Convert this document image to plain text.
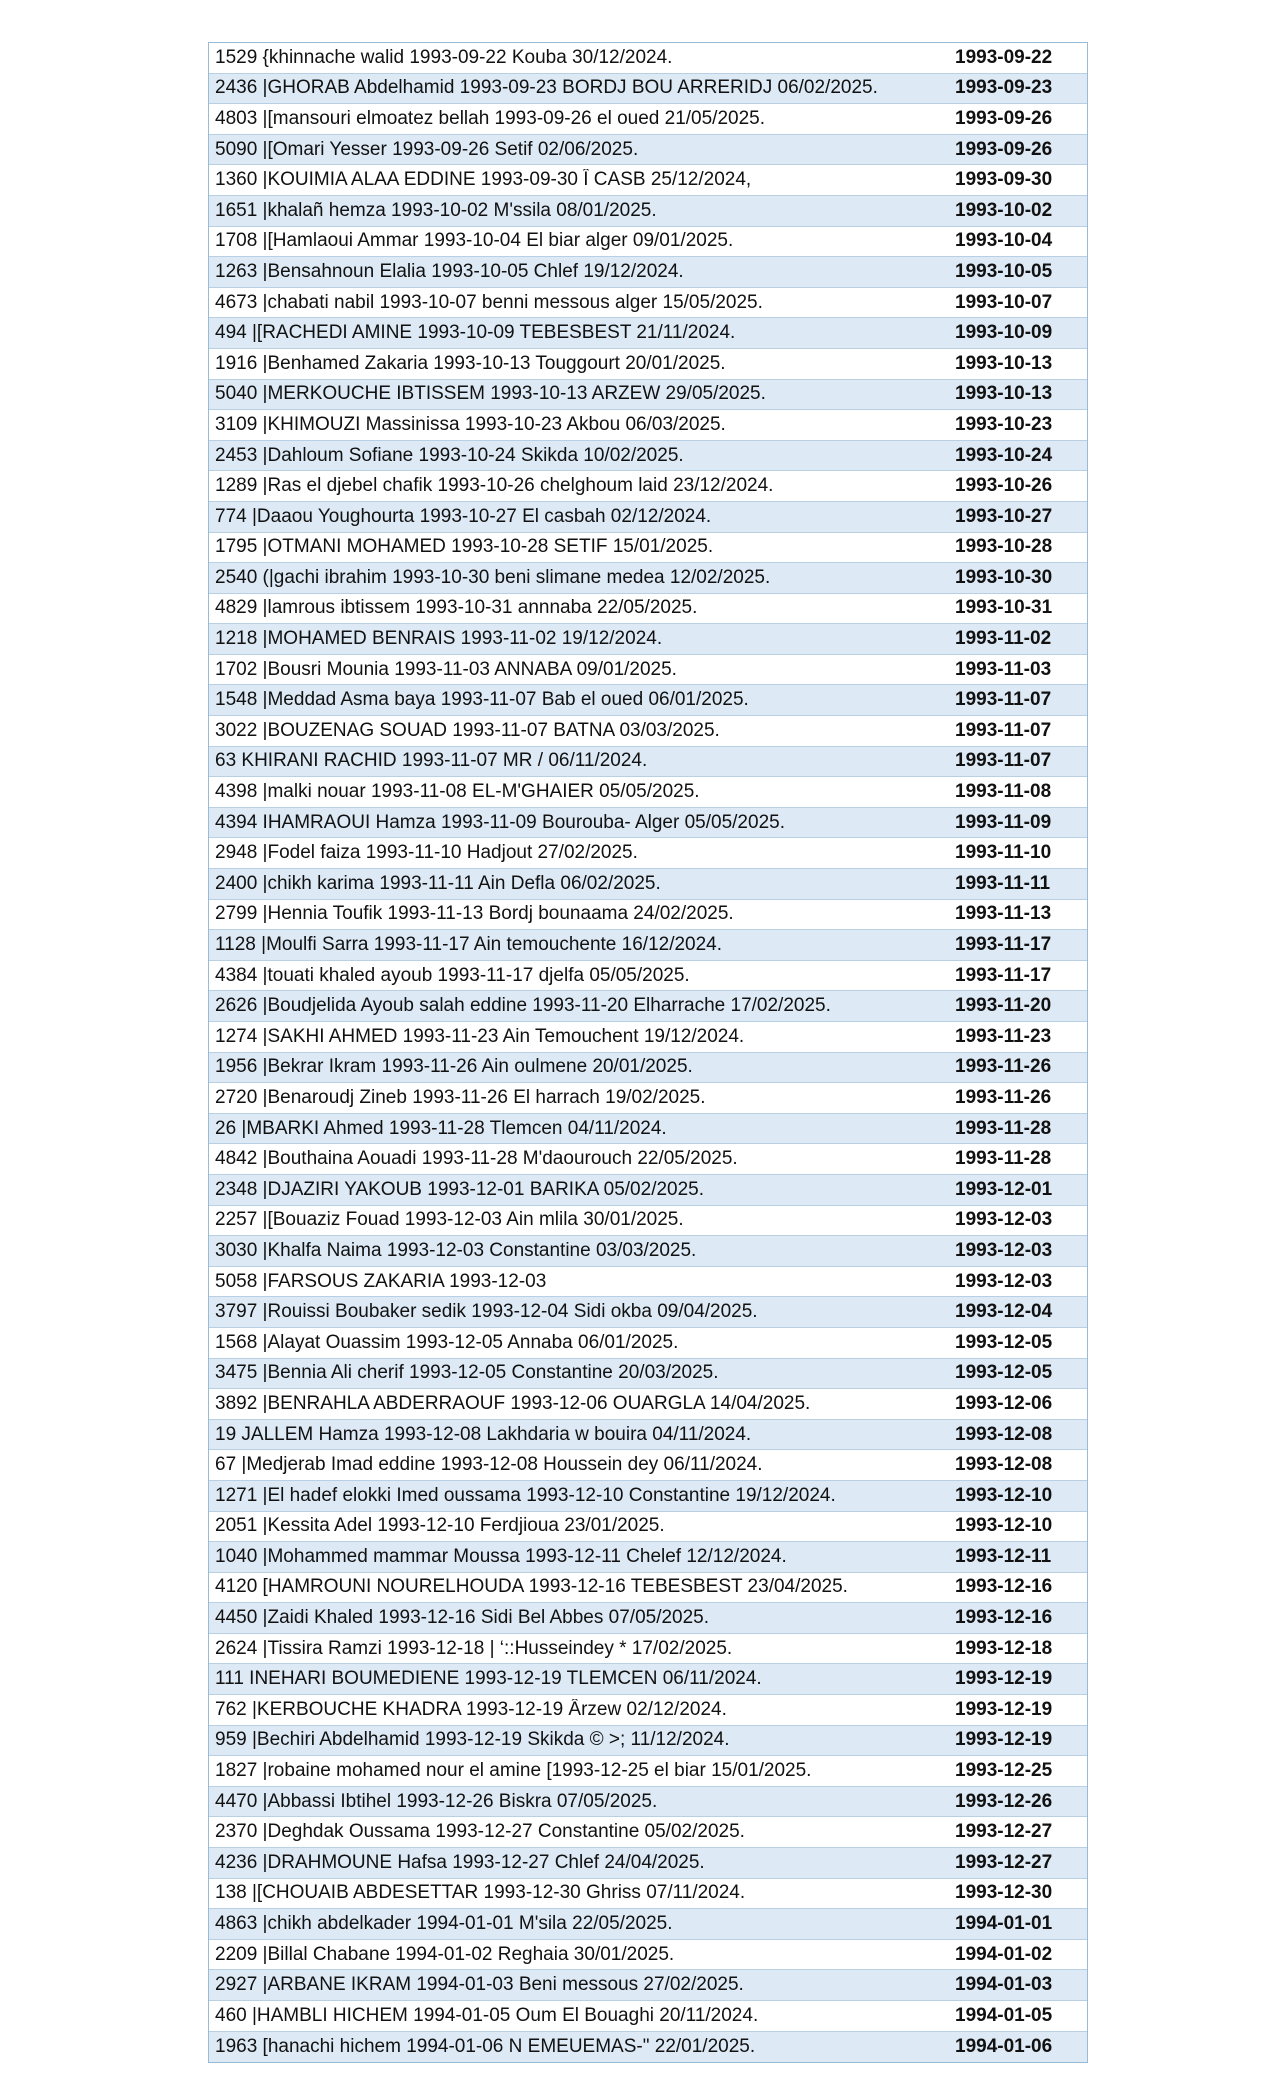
1529 {khinnache walid 1993-09-22 Kouba 30/12/2024.	1993-09-22
2436 |GHORAB Abdelhamid 1993-09-23 BORDJ BOU ARRERIDJ 06/02/2025.	1993-09-23
4803 |[mansouri elmoatez bellah 1993-09-26 el oued 21/05/2025.	1993-09-26
5090 |[Omari Yesser 1993-09-26 Setif 02/06/2025.	1993-09-26
1360 |KOUIMIA ALAA EDDINE 1993-09-30 Î CASB 25/12/2024,	1993-09-30
1651 |khalañ hemza 1993-10-02 M'ssila 08/01/2025.	1993-10-02
1708 |[Hamlaoui Ammar 1993-10-04 El biar alger 09/01/2025.	1993-10-04
1263 |Bensahnoun Elalia 1993-10-05 Chlef 19/12/2024.	1993-10-05
4673 |chabati nabil 1993-10-07 benni messous alger 15/05/2025.	1993-10-07
494 |[RACHEDI AMINE 1993-10-09 TEBESBEST 21/11/2024.	1993-10-09
1916 |Benhamed Zakaria 1993-10-13 Touggourt 20/01/2025.	1993-10-13
5040 |MERKOUCHE IBTISSEM 1993-10-13 ARZEW 29/05/2025.	1993-10-13
3109 |KHIMOUZI Massinissa 1993-10-23 Akbou 06/03/2025.	1993-10-23
2453 |Dahloum Sofiane 1993-10-24 Skikda 10/02/2025.	1993-10-24
1289 |Ras el djebel chafik 1993-10-26 chelghoum laid 23/12/2024.	1993-10-26
774 |Daaou Youghourta 1993-10-27 El casbah 02/12/2024.	1993-10-27
1795 |OTMANI MOHAMED 1993-10-28 SETIF 15/01/2025.	1993-10-28
2540 (|gachi ibrahim 1993-10-30 beni slimane medea 12/02/2025.	1993-10-30
4829 |lamrous ibtissem 1993-10-31 annnaba 22/05/2025.	1993-10-31
1218 |MOHAMED BENRAIS 1993-11-02 19/12/2024.	1993-11-02
1702 |Bousri Mounia 1993-11-03 ANNABA 09/01/2025.	1993-11-03
1548 |Meddad Asma baya 1993-11-07 Bab el oued 06/01/2025.	1993-11-07
3022 |BOUZENAG SOUAD 1993-11-07 BATNA 03/03/2025.	1993-11-07
63 KHIRANI RACHID 1993-11-07 MR / 06/11/2024.	1993-11-07
4398 |malki nouar 1993-11-08 EL-M'GHAIER 05/05/2025.	1993-11-08
4394 IHAMRAOUI Hamza 1993-11-09 Bourouba- Alger 05/05/2025.	1993-11-09
2948 |Fodel faiza 1993-11-10 Hadjout 27/02/2025.	1993-11-10
2400 |chikh karima 1993-11-11 Ain Defla 06/02/2025.	1993-11-11
2799 |Hennia Toufik 1993-11-13 Bordj bounaama 24/02/2025.	1993-11-13
1128 |Moulfi Sarra 1993-11-17 Ain temouchente 16/12/2024.	1993-11-17
4384 |touati khaled ayoub 1993-11-17 djelfa 05/05/2025.	1993-11-17
2626 |Boudjelida Ayoub salah eddine 1993-11-20 Elharrache 17/02/2025.	1993-11-20
1274 |SAKHI AHMED 1993-11-23 Ain Temouchent 19/12/2024.	1993-11-23
1956 |Bekrar Ikram 1993-11-26 Ain oulmene 20/01/2025.	1993-11-26
2720 |Benaroudj Zineb 1993-11-26 El harrach 19/02/2025.	1993-11-26
26 |MBARKI Ahmed 1993-11-28 Tlemcen 04/11/2024.	1993-11-28
4842 |Bouthaina Aouadi 1993-11-28 M'daourouch 22/05/2025.	1993-11-28
2348 |DJAZIRI YAKOUB 1993-12-01 BARIKA 05/02/2025.	1993-12-01
2257 |[Bouaziz Fouad 1993-12-03 Ain mlila 30/01/2025.	1993-12-03
3030 |Khalfa Naima 1993-12-03 Constantine 03/03/2025.	1993-12-03
5058 |FARSOUS ZAKARIA 1993-12-03	1993-12-03
3797 |Rouissi Boubaker sedik 1993-12-04 Sidi okba 09/04/2025.	1993-12-04
1568 |Alayat Ouassim 1993-12-05 Annaba 06/01/2025.	1993-12-05
3475 |Bennia Ali cherif 1993-12-05 Constantine 20/03/2025.	1993-12-05
3892 |BENRAHLA ABDERRAOUF 1993-12-06 OUARGLA 14/04/2025.	1993-12-06
19 JALLEM Hamza 1993-12-08 Lakhdaria w bouira 04/11/2024.	1993-12-08
67 |Medjerab Imad eddine 1993-12-08 Houssein dey 06/11/2024.	1993-12-08
1271 |El hadef elokki Imed oussama 1993-12-10 Constantine 19/12/2024.	1993-12-10
2051 |Kessita Adel 1993-12-10 Ferdjioua 23/01/2025.	1993-12-10
1040 |Mohammed mammar Moussa 1993-12-11 Chelef 12/12/2024.	1993-12-11
4120 [HAMROUNI NOURELHOUDA 1993-12-16 TEBESBEST 23/04/2025.	1993-12-16
4450 |Zaidi Khaled 1993-12-16 Sidi Bel Abbes 07/05/2025.	1993-12-16
2624 |Tissira Ramzi 1993-12-18 | ‘::Husseindey * 17/02/2025.	1993-12-18
111 INEHARI BOUMEDIENE 1993-12-19 TLEMCEN 06/11/2024.	1993-12-19
762 |KERBOUCHE KHADRA 1993-12-19 Ârzew 02/12/2024.	1993-12-19
959 |Bechiri Abdelhamid 1993-12-19 Skikda © >; 11/12/2024.	1993-12-19
1827 |robaine mohamed nour el amine [1993-12-25 el biar 15/01/2025.	1993-12-25
4470 |Abbassi Ibtihel 1993-12-26 Biskra 07/05/2025.	1993-12-26
2370 |Deghdak Oussama 1993-12-27 Constantine 05/02/2025.	1993-12-27
4236 |DRAHMOUNE Hafsa 1993-12-27 Chlef 24/04/2025.	1993-12-27
138 |[CHOUAIB ABDESETTAR 1993-12-30 Ghriss 07/11/2024.	1993-12-30
4863 |chikh abdelkader 1994-01-01 M'sila 22/05/2025.	1994-01-01
2209 |Billal Chabane 1994-01-02 Reghaia 30/01/2025.	1994-01-02
2927 |ARBANE IKRAM 1994-01-03 Beni messous 27/02/2025.	1994-01-03
460 |HAMBLI HICHEM 1994-01-05 Oum El Bouaghi 20/11/2024.	1994-01-05
1963 [hanachi hichem 1994-01-06 N EMEUEMAS-" 22/01/2025.	1994-01-06
